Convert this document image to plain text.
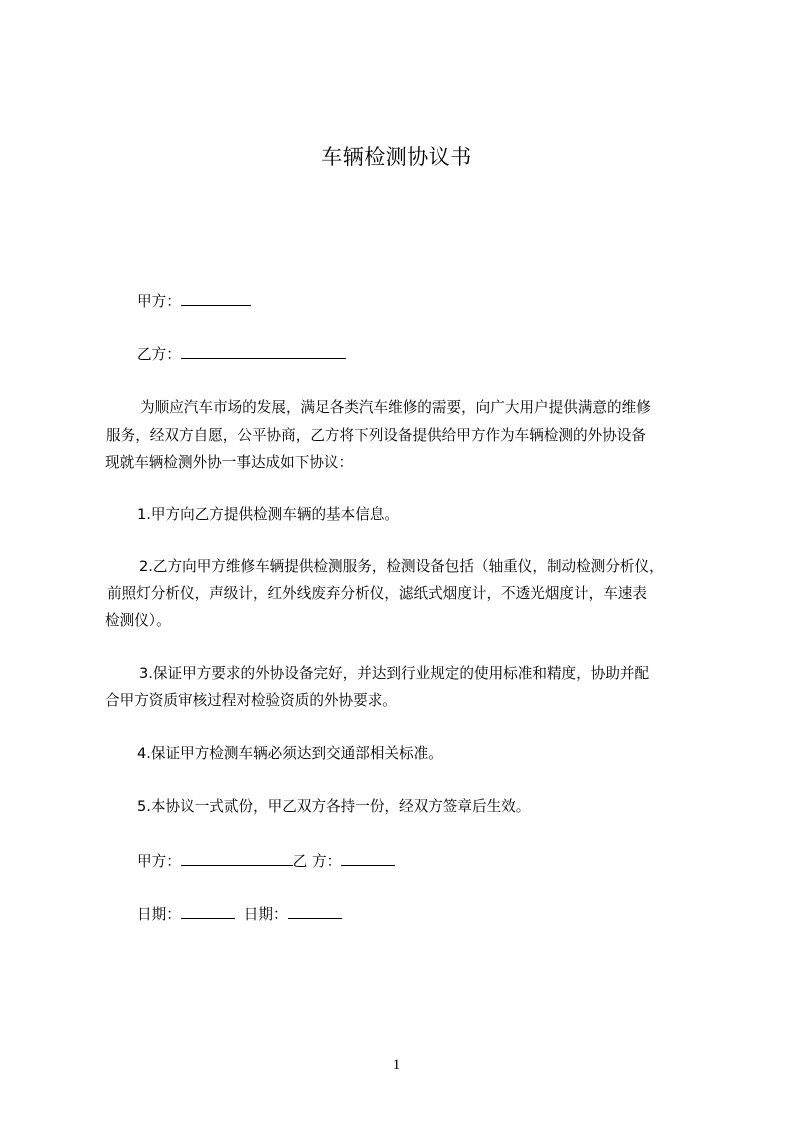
车辆检测协议书
甲方：
乙方：
为顺应汽车市场的发展，满足各类汽车维修的需要，向广大用户提供满意的维修
服务，经双方自愿，公平协商，乙方将下列设备提供给甲方作为车辆检测的外协设备
现就车辆检测外协一事达成如下协议：
1.甲方向乙方提供检测车辆的基本信息。
2.乙方向甲方维修车辆提供检测服务，检测设备包括（轴重仪，制动检测分析仪，
前照灯分析仪，声级计，红外线废弃分析仪，滤纸式烟度计，不透光烟度计，车速表
检测仪）。
3.保证甲方要求的外协设备完好，并达到行业规定的使用标准和精度，协助并配
合甲方资质审核过程对检验资质的外协要求。
4.保证甲方检测车辆必须达到交通部相关标准。
5.本协议一式贰份，甲乙双方各持一份，经双方签章后生效。
甲方：	乙 方：
日期：	日期：
1
